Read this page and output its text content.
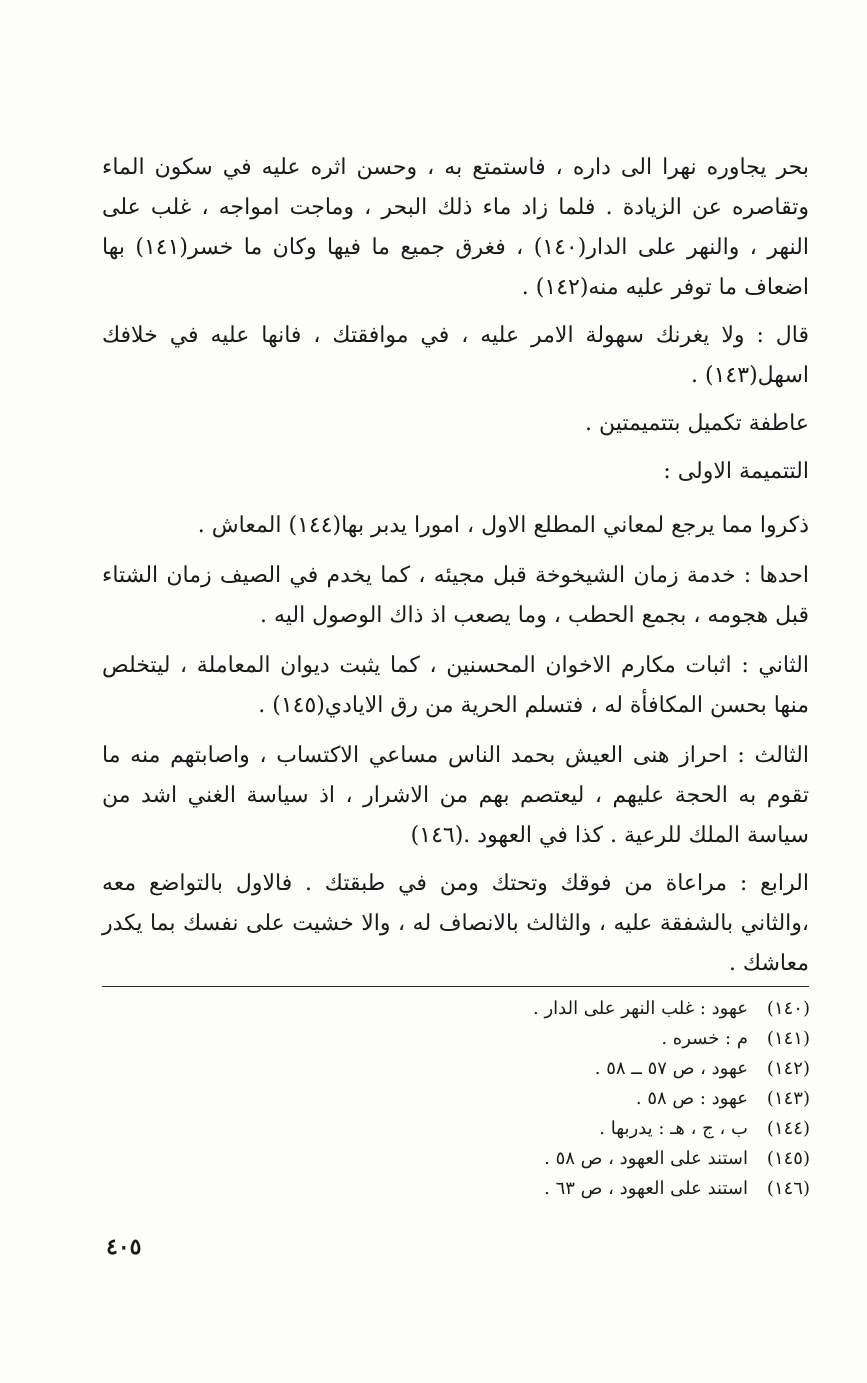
بحر يجاوره نهرا الى داره ، فاستمتع به ، وحسن اثره عليه في سكون الماء وتقاصره عن الزيادة . فلما زاد ماء ذلك البحر ، وماجت امواجه ، غلب على النهر ، والنهر على الدار(١٤٠) ، فغرق جميع ما فيها وكان ما خسر(١٤١) بها اضعاف ما توفر عليه منه(١٤٢) .

قال : ولا يغرنك سهولة الامر عليه ، في موافقتك ، فانها عليه في خلافك اسهل(١٤٣) .

عاطفة تكميل بتتميمتين .

التتميمة الاولى :

ذكروا مما يرجع لمعاني المطلع الاول ، امورا يدبر بها(١٤٤) المعاش .

احدها : خدمة زمان الشيخوخة قبل مجيئه ، كما يخدم في الصيف زمان الشتاء قبل هجومه ، بجمع الحطب ، وما يصعب اذ ذاك الوصول اليه .

الثاني : اثبات مكارم الاخوان المحسنين ، كما يثبت ديوان المعاملة ، ليتخلص منها بحسن المكافأة له ، فتسلم الحرية من رق الايادي(١٤٥) .

الثالث : احراز هنى العيش بحمد الناس مساعي الاكتساب ، واصابتهم منه ما تقوم به الحجة عليهم ، ليعتصم بهم من الاشرار ، اذ سياسة الغني اشد من سياسة الملك للرعية . كذا في العهود .(١٤٦)

الرابع : مراعاة من فوقك وتحتك ومن في طبقتك . فالاول بالتواضع معه ،والثاني بالشفقة عليه ، والثالث بالانصاف له ، والا خشيت على نفسك بما يكدر معاشك .

(١٤٠)
عهود : غلب النهر على الدار .
(١٤١)
م : خسره .
(١٤٢)
عهود ، ص ٥٧ ــ ٥٨ .
(١٤٣)
عهود : ص ٥٨ .
(١٤٤)
ب ، ج ، هـ : يدربها .
(١٤٥)
استند على العهود ، ص ٥٨ .
(١٤٦)
استند على العهود ، ص ٦٣ .
٤٠٥
